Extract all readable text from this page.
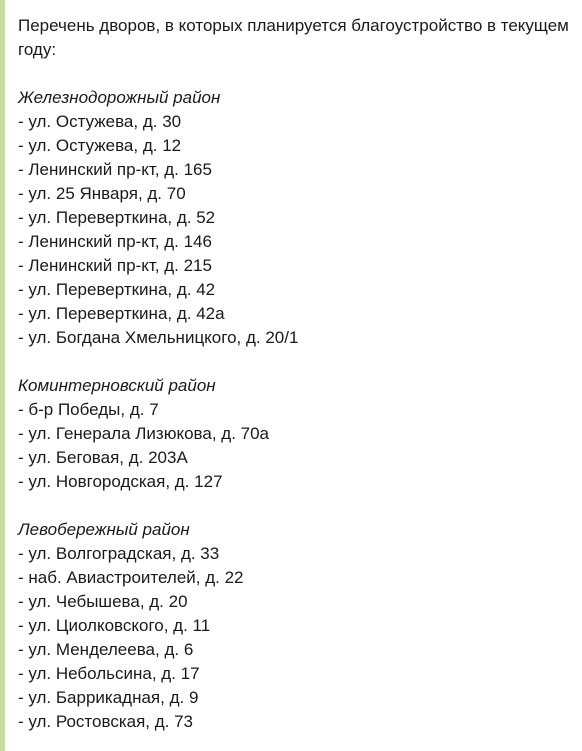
Перечень дворов, в которых планируется благоустройство в текущем году:

Железнодорожный район
- ул. Остужева, д. 30
- ул. Остужева, д. 12
- Ленинский пр-кт, д. 165
- ул. 25 Января, д. 70
- ул. Переверткина, д. 52
- Ленинский пр-кт, д. 146
- Ленинский пр-кт, д. 215
- ул. Переверткина, д. 42
- ул. Переверткина, д. 42а
- ул. Богдана Хмельницкого, д. 20/1
Коминтерновский район
- б-р Победы, д. 7
- ул. Генерала Лизюкова, д. 70а
- ул. Беговая, д. 203А
- ул. Новгородская, д. 127
Левобережный район
- ул. Волгоградская, д. 33
- наб. Авиастроителей, д. 22
- ул. Чебышева, д. 20
- ул. Циолковского, д. 11
- ул. Менделеева, д. 6
- ул. Небольсина, д. 17
- ул. Баррикадная, д. 9
- ул. Ростовская, д. 73
